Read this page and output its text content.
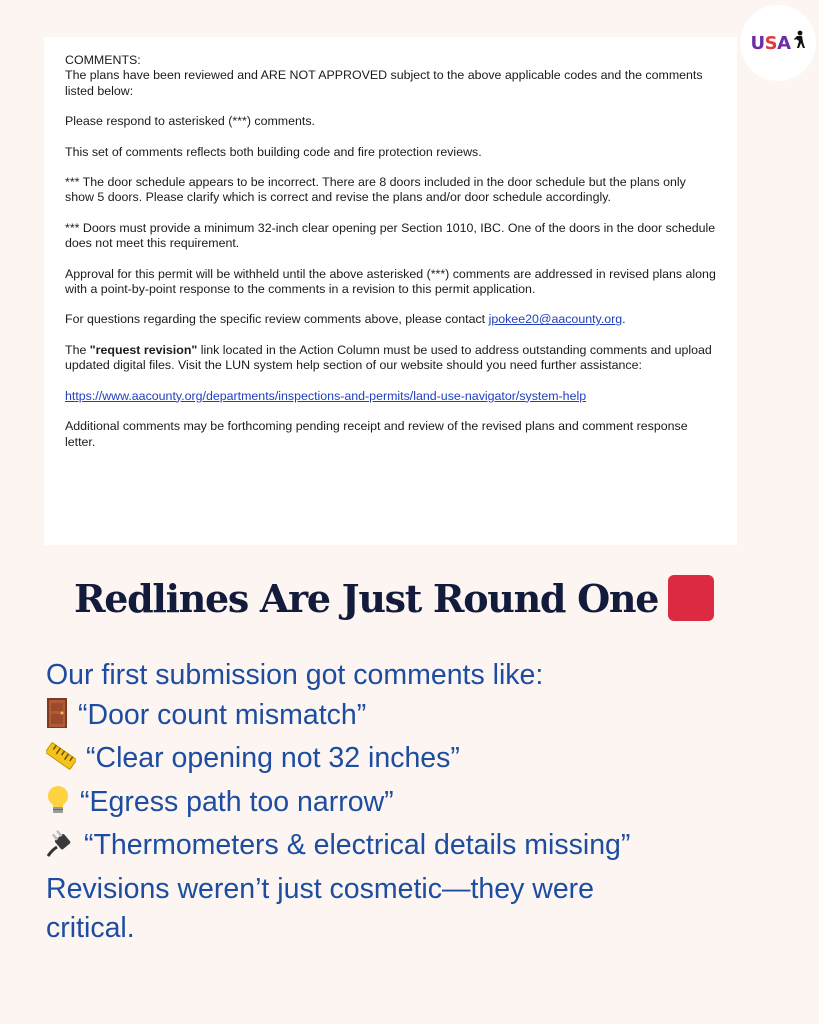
USA

COMMENTS:

The plans have been reviewed and ARE NOT APPROVED subject to the above applicable codes and the comments listed below:

Please respond to asterisked (***) comments.

This set of comments reflects both building code and fire protection reviews.

*** The door schedule appears to be incorrect. There are 8 doors included in the door schedule but the plans only show 5 doors. Please clarify which is correct and revise the plans and/or door schedule accordingly.

*** Doors must provide a minimum 32-inch clear opening per Section 1010, IBC. One of the doors in the door schedule does not meet this requirement.

Approval for this permit will be withheld until the above asterisked (***) comments are addressed in revised plans along with a point-by-point response to the comments in a revision to this permit application.

For questions regarding the specific review comments above, please contact jpokee20@aacounty.org.

The "request revision" link located in the Action Column must be used to address outstanding comments and upload updated digital files. Visit the LUN system help section of our website should you need further assistance:

https://www.aacounty.org/departments/inspections-and-permits/land-use-navigator/system-help

Additional comments may be forthcoming pending receipt and review of the revised plans and comment response letter.

Redlines Are Just Round One
Our first submission got comments like:
“Door count mismatch”
“Clear opening not 32 inches”
“Egress path too narrow”
“Thermometers & electrical details missing”
Revisions weren’t just cosmetic—they were
critical.
